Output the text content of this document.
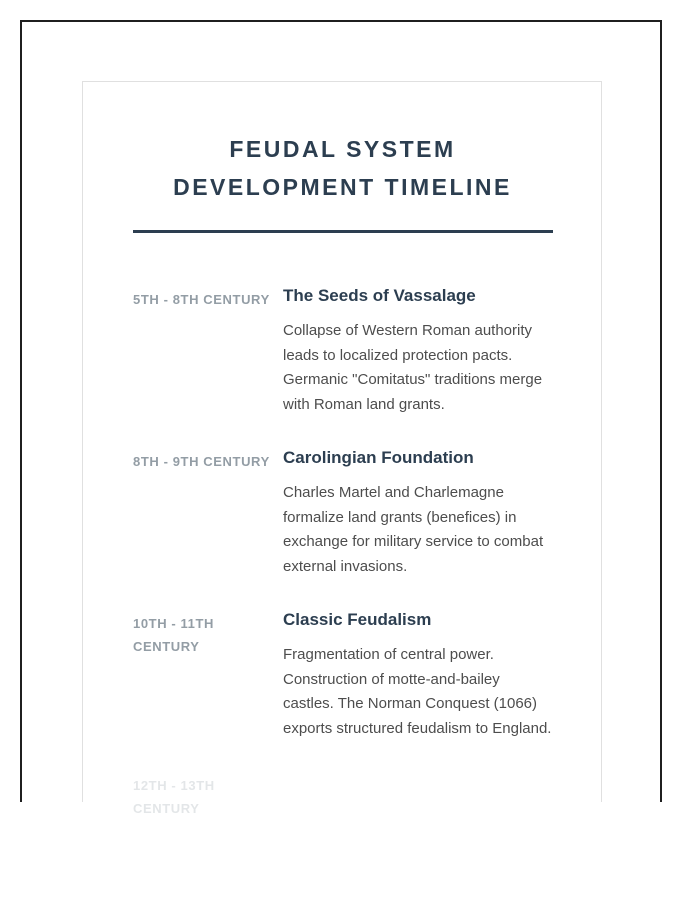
FEUDAL SYSTEM
DEVELOPMENT TIMELINE
5TH - 8TH CENTURY The Seeds of Vassalage

Collapse of Western Roman authority leads to localized protection pacts. Germanic "Comitatus" traditions merge with Roman land grants.

8TH - 9TH CENTURY Carolingian Foundation

Charles Martel and Charlemagne formalize land grants (benefices) in exchange for military service to combat external invasions.

10TH - 11TH CENTURY
Classic Feudalism

Fragmentation of central power. Construction of motte-and-bailey castles. The Norman Conquest (1066) exports structured feudalism to England.

12TH - 13TH CENTURY
